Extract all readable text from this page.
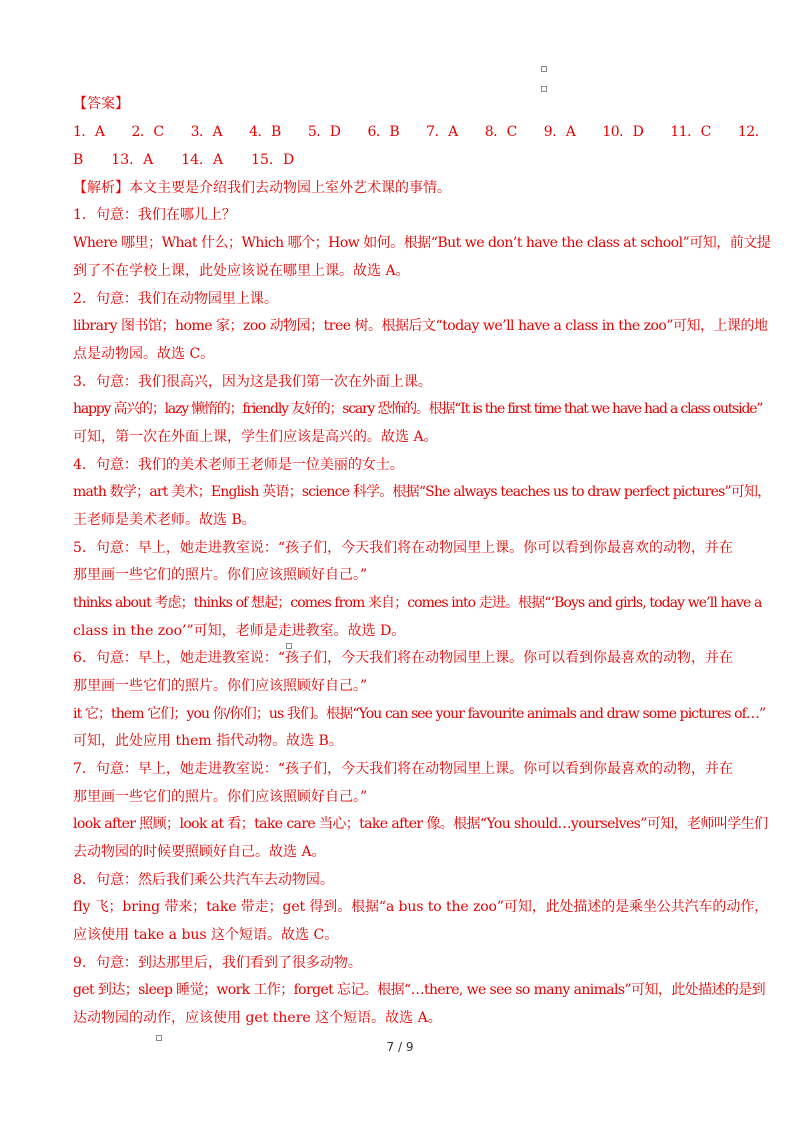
【答案】
1．A　　2．C　　3．A　　4．B　　5．D　　6．B　　7．A　　8．C　　9．A　　10．D　　11．C　　12．
B　　13．A　　14．A　　15．D
【解析】本文主要是介绍我们去动物园上室外艺术课的事情。
1．句意：我们在哪儿上？
Where 哪里；What 什么；Which 哪个；How 如何。根据“But we don’t have the class at school”可知，前文提
到了不在学校上课，此处应该说在哪里上课。故选 A。
2．句意：我们在动物园里上课。
library 图书馆；home 家；zoo 动物园；tree 树。根据后文“today we’ll have a class in the zoo”可知，上课的地
点是动物园。故选 C。
3．句意：我们很高兴，因为这是我们第一次在外面上课。
happy 高兴的；lazy 懒惰的；friendly 友好的；scary 恐怖的。根据“It is the first time that we have had a class outside”
可知，第一次在外面上课，学生们应该是高兴的。故选 A。
4．句意：我们的美术老师王老师是一位美丽的女士。
math 数学；art 美术；English 英语；science 科学。根据“She always teaches us to draw perfect pictures”可知，
王老师是美术老师。故选 B。
5．句意：早上，她走进教室说：“孩子们，今天我们将在动物园里上课。你可以看到你最喜欢的动物，并在
那里画一些它们的照片。你们应该照顾好自己。”
thinks about 考虑；thinks of 想起；comes from 来自；comes into 走进。根据“‘Boys and girls, today we’ll have a
class in the zoo’”可知，老师是走进教室。故选 D。
6．句意：早上，她走进教室说：“孩子们，今天我们将在动物园里上课。你可以看到你最喜欢的动物，并在
那里画一些它们的照片。你们应该照顾好自己。”
it 它；them 它们；you 你/你们；us 我们。根据“You can see your favourite animals and draw some pictures of…”
可知，此处应用 them 指代动物。故选 B。
7．句意：早上，她走进教室说：“孩子们，今天我们将在动物园里上课。你可以看到你最喜欢的动物，并在
那里画一些它们的照片。你们应该照顾好自己。”
look after 照顾；look at 看；take care 当心；take after 像。根据“You should…yourselves”可知，老师叫学生们
去动物园的时候要照顾好自己。故选 A。
8．句意：然后我们乘公共汽车去动物园。
fly 飞；bring 带来；take 带走；get 得到。根据“a bus to the zoo”可知，此处描述的是乘坐公共汽车的动作，
应该使用 take a bus 这个短语。故选 C。
9．句意：到达那里后，我们看到了很多动物。
get 到达；sleep 睡觉；work 工作；forget 忘记。根据“…there, we see so many animals”可知，此处描述的是到
达动物园的动作，应该使用 get there 这个短语。故选 A。
7 / 9
